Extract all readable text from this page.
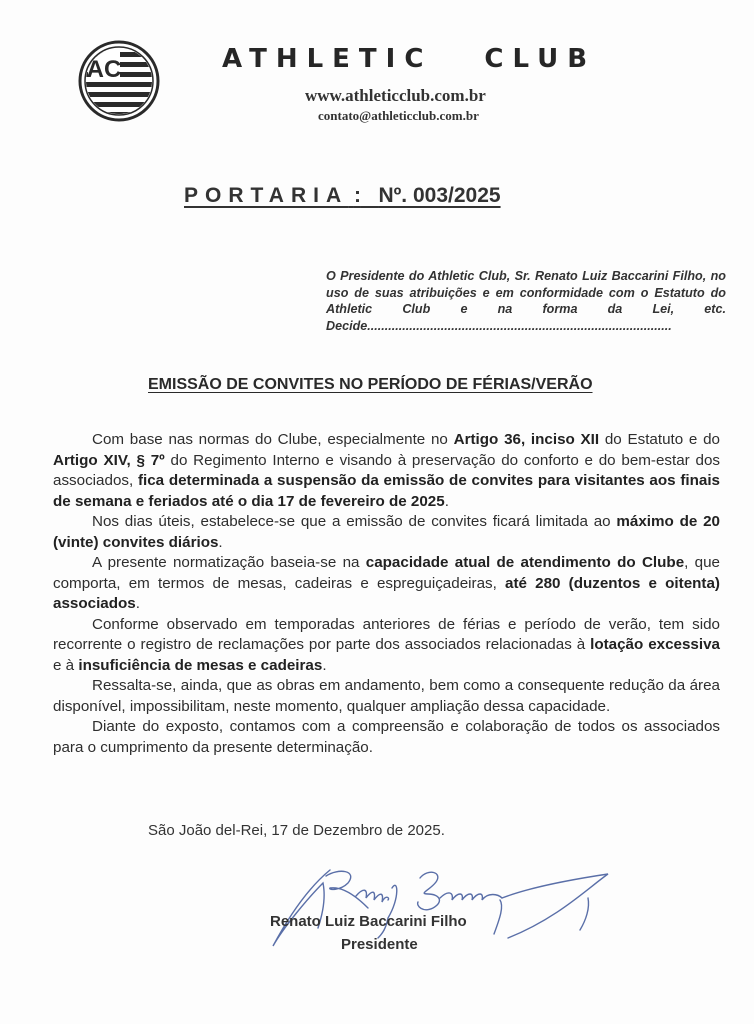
AC	ATHLETIC CLUB
www.athleticclub.com.br
contato@athleticclub.com.br
PORTARIA : Nº. 003/2025
O Presidente do Athletic Club, Sr. Renato Luiz Baccarini Filho, no uso de suas atribuições e em conformidade com o Estatuto do Athletic Club e na forma da Lei, etc. Decide.......................................................................................
EMISSÃO DE CONVITES NO PERÍODO DE FÉRIAS/VERÃO

Com base nas normas do Clube, especialmente no Artigo 36, inciso XII do Estatuto e do Artigo XIV, § 7º do Regimento Interno e visando à preservação do conforto e do bem-estar dos associados, fica determinada a suspensão da emissão de convites para visitantes aos finais de semana e feriados até o dia 17 de fevereiro de 2025.

Nos dias úteis, estabelece-se que a emissão de convites ficará limitada ao máximo de 20 (vinte) convites diários.

A presente normatização baseia-se na capacidade atual de atendimento do Clube, que comporta, em termos de mesas, cadeiras e espreguiçadeiras, até 280 (duzentos e oitenta) associados.

Conforme observado em temporadas anteriores de férias e período de verão, tem sido recorrente o registro de reclamações por parte dos associados relacionadas à lotação excessiva e à insuficiência de mesas e cadeiras.

Ressalta-se, ainda, que as obras em andamento, bem como a consequente redução da área disponível, impossibilitam, neste momento, qualquer ampliação dessa capacidade.

Diante do exposto, contamos com a compreensão e colaboração de todos os associados para o cumprimento da presente determinação.

São João del-Rei, 17 de Dezembro de 2025.
Renato Luiz Baccarini Filho
Presidente
